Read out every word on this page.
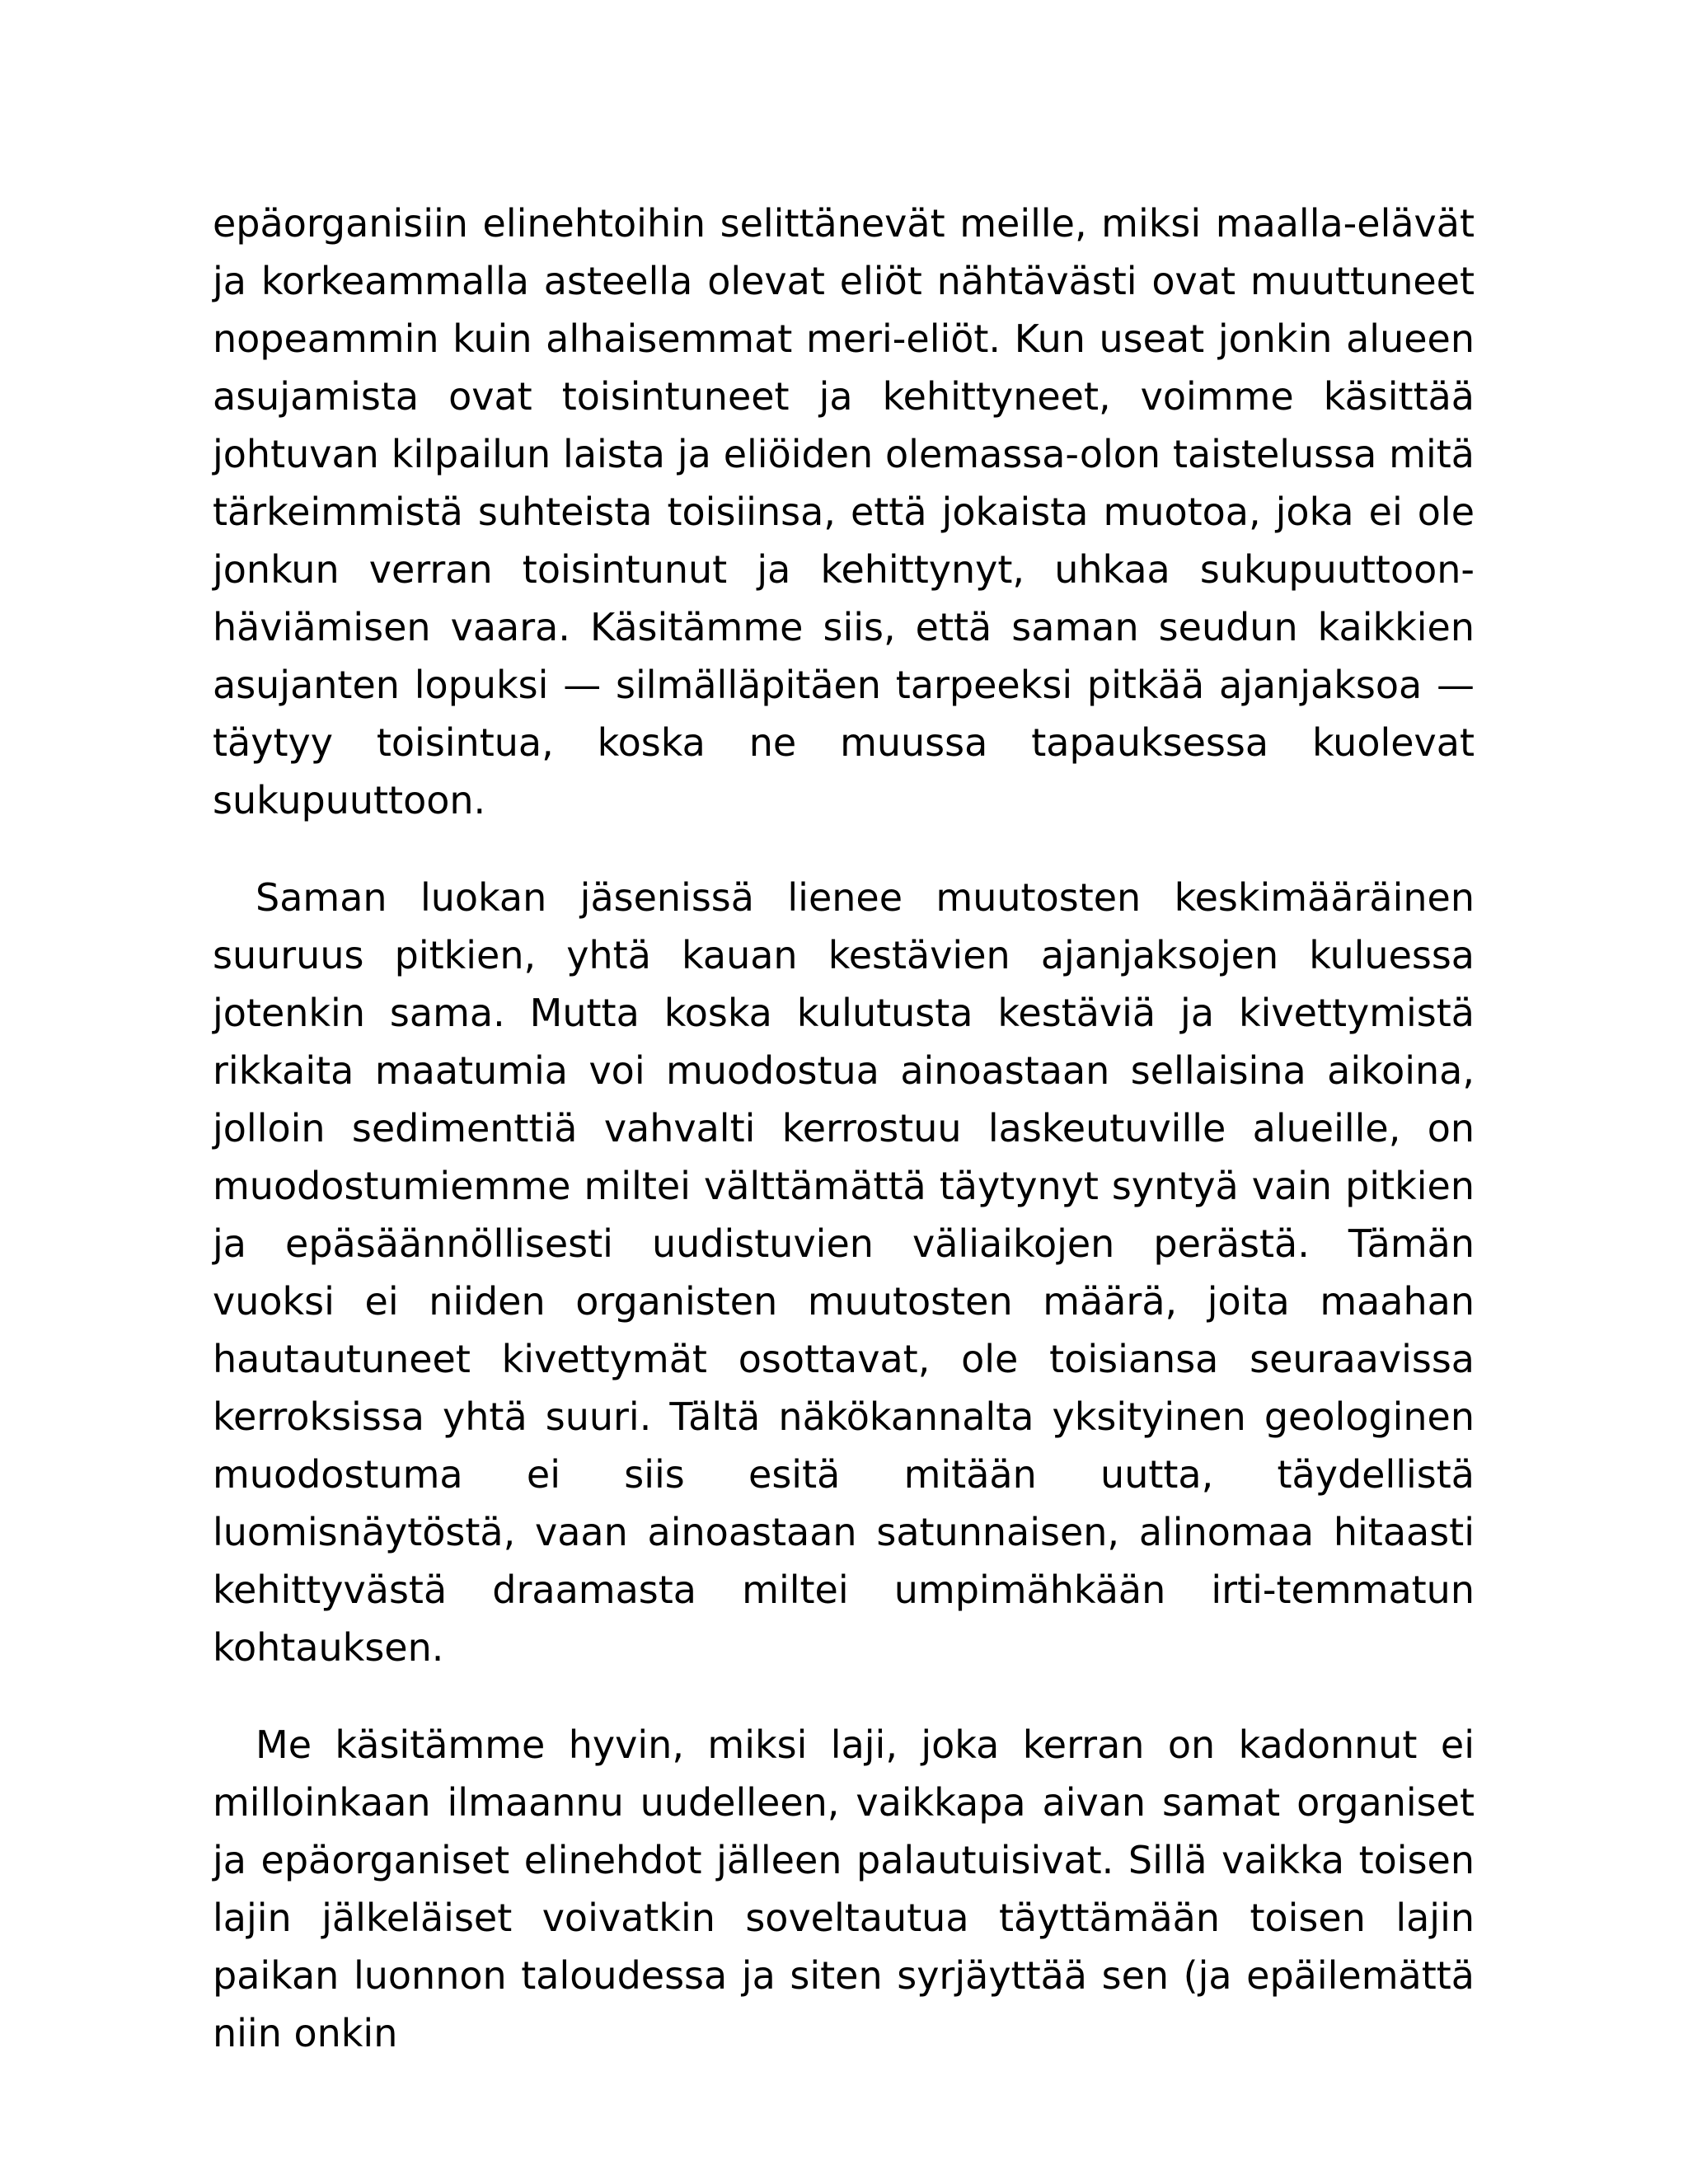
epäorganisiin elinehtoihin selittänevät meille, miksi maalla-elävät ja korkeammalla asteella olevat eliöt nähtävästi ovat muuttuneet nopeammin kuin alhaisemmat meri-eliöt. Kun useat jonkin alueen asujamista ovat toisintuneet ja kehittyneet, voimme käsittää johtuvan kilpailun laista ja eliöiden olemassa-olon taistelussa mitä tärkeimmistä suhteista toisiinsa, että jokaista muotoa, joka ei ole jonkun verran toisintunut ja kehittynyt, uhkaa sukupuuttoon-häviämisen vaara. Käsitämme siis, että saman seudun kaikkien asujanten lopuksi — silmälläpitäen tarpeeksi pitkää ajanjaksoa — täytyy toisintua, koska ne muussa tapauksessa kuolevat sukupuuttoon.

Saman luokan jäsenissä lienee muutosten keskimääräinen suuruus pitkien, yhtä kauan kestävien ajanjaksojen kuluessa jotenkin sama. Mutta koska kulutusta kestäviä ja kivettymistä rikkaita maatumia voi muodostua ainoastaan sellaisina aikoina, jolloin sedimenttiä vahvalti kerrostuu laskeutuville alueille, on muodostumiemme miltei välttämättä täytynyt syntyä vain pitkien ja epäsäännöllisesti uudistuvien väliaikojen perästä. Tämän vuoksi ei niiden organisten muutosten määrä, joita maahan hautautuneet kivettymät osottavat, ole toisiansa seuraavissa kerroksissa yhtä suuri. Tältä näkökannalta yksityinen geologinen muodostuma ei siis esitä mitään uutta, täydellistä luomisnäytöstä, vaan ainoastaan satunnaisen, alinomaa hitaasti kehittyvästä draamasta miltei umpimähkään irti-temmatun kohtauksen.

Me käsitämme hyvin, miksi laji, joka kerran on kadonnut ei milloinkaan ilmaannu uudelleen, vaikkapa aivan samat organiset ja epäorganiset elinehdot jälleen palautuisivat. Sillä vaikka toisen lajin jälkeläiset voivatkin soveltautua täyttämään toisen lajin paikan luonnon taloudessa ja siten syrjäyttää sen (ja epäilemättä niin onkin
